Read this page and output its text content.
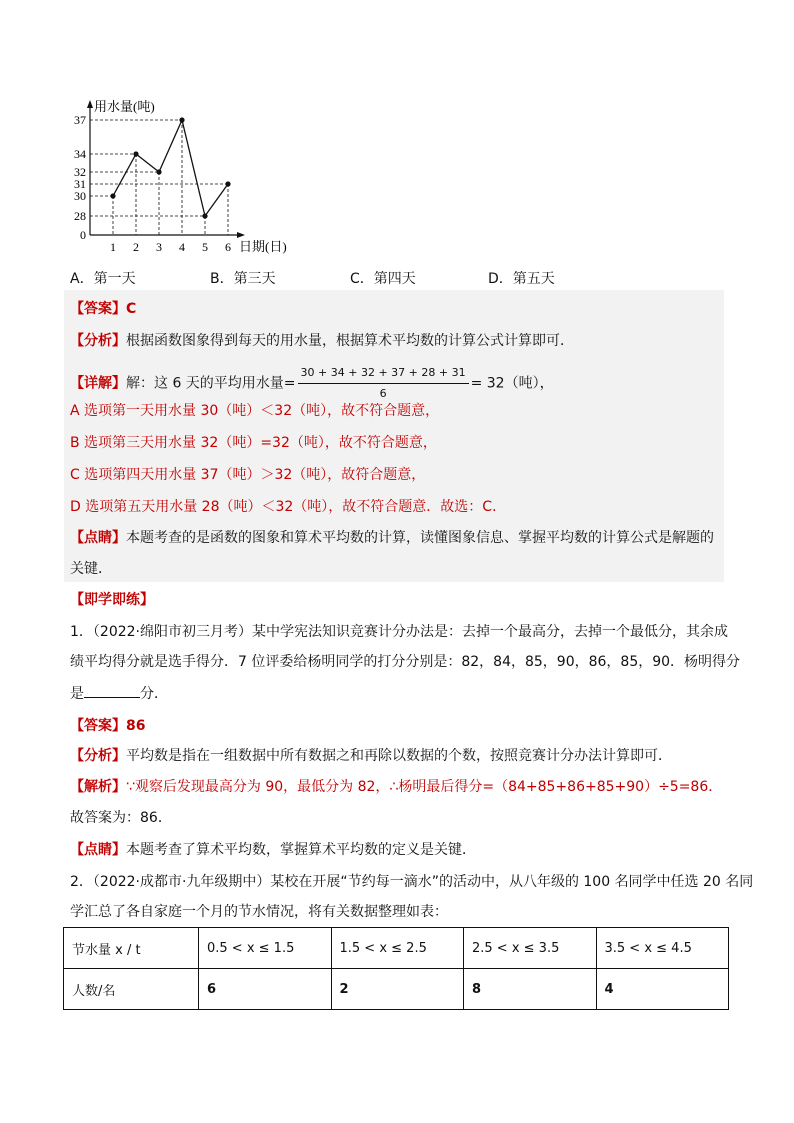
0
28
30
31
32
34
37
1 2 3 4 5 6
用水量(吨)
日期(日)
A．第一天	B．第三天	C．第四天	D．第五天
【答案】C
【分析】根据函数图象得到每天的用水量，根据算术平均数的计算公式计算即可．
【详解】解：这 6 天的平均用水量= $\frac{30 + 34 + 32 + 37 + 28 + 31}{6} = 32$（吨），
A 选项第一天用水量 30（吨）＜32（吨），故不符合题意，
B 选项第三天用水量 32（吨）=32（吨），故不符合题意，
C 选项第四天用水量 37（吨）＞32（吨），故符合题意，
D 选项第五天用水量 28（吨）＜32（吨），故不符合题意．故选：C．
【点睛】本题考查的是函数的图象和算术平均数的计算，读懂图象信息、掌握平均数的计算公式是解题的
关键．
【即学即练】
1．（2022·绵阳市初三月考）某中学宪法知识竞赛计分办法是：去掉一个最高分，去掉一个最低分，其余成
绩平均得分就是选手得分．7 位评委给杨明同学的打分分别是：82，84，85，90，86，85，90．杨明得分
是	分．
【答案】86
【分析】平均数是指在一组数据中所有数据之和再除以数据的个数，按照竞赛计分办法计算即可．
【解析】∵观察后发现最高分为 90，最低分为 82，∴杨明最后得分=（84+85+86+85+90）÷5=86．
故答案为：86．
【点睛】本题考查了算术平均数，掌握算术平均数的定义是关键．
2．（2022·成都市·九年级期中）某校在开展“节约每一滴水”的活动中，从八年级的 100 名同学中任选 20 名同
学汇总了各自家庭一个月的节水情况，将有关数据整理如表：
节水量 x / t	0.5 < x ≤ 1.5	1.5 < x ≤ 2.5	2.5 < x ≤ 3.5	3.5 < x ≤ 4.5
人数/名	6	2	8	4
